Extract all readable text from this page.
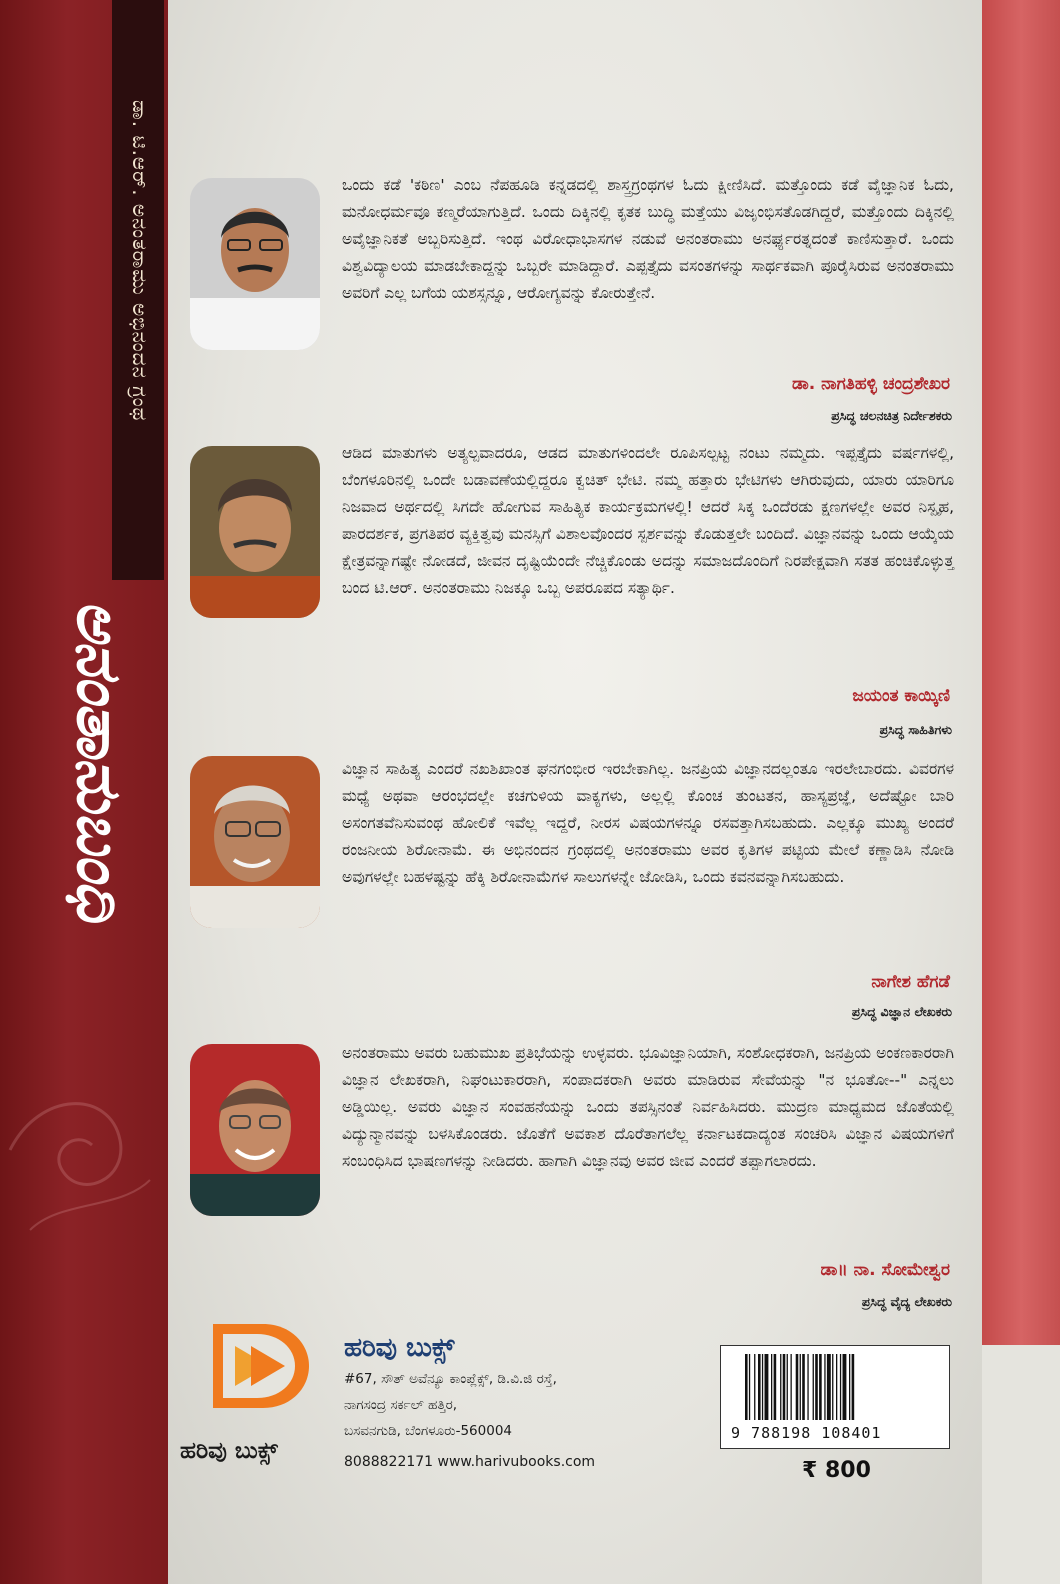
ಡಾ. ಟಿ.ಆರ್. ಅನಂತರಾಮು ಅಭಿನಂದನ ಗ್ರಂಥ
ಅನಂತಾನುಬಂಧಿ
ಒಂದು ಕಡೆ 'ಕಠಿಣ' ಎಂಬ ನೆಪಹೂಡಿ ಕನ್ನಡದಲ್ಲಿ ಶಾಸ್ತ್ರಗ್ರಂಥಗಳ ಓದು ಕ್ಷೀಣಿಸಿದೆ. ಮತ್ತೊಂದು ಕಡೆ ವೈಜ್ಞಾನಿಕ ಓದು, ಮನೋಧರ್ಮವೂ ಕಣ್ಮರೆಯಾಗುತ್ತಿದೆ. ಒಂದು ದಿಕ್ಕಿನಲ್ಲಿ ಕೃತಕ ಬುದ್ಧಿ ಮತ್ತೆಯು ವಿಜೃಂಭಿಸತೊಡಗಿದ್ದರೆ, ಮತ್ತೊಂದು ದಿಕ್ಕಿನಲ್ಲಿ ಅವೈಜ್ಞಾನಿಕತೆ ಅಬ್ಬರಿಸುತ್ತಿದೆ. ಇಂಥ ವಿರೋಧಾಭಾಸಗಳ ನಡುವೆ ಅನಂತರಾಮು ಅನರ್ಘ್ಯರತ್ನದಂತೆ ಕಾಣಿಸುತ್ತಾರೆ. ಒಂದು ವಿಶ್ವವಿದ್ಯಾಲಯ ಮಾಡಬೇಕಾದ್ದನ್ನು ಒಬ್ಬರೇ ಮಾಡಿದ್ದಾರೆ. ಎಪ್ಪತ್ತೈದು ವಸಂತಗಳನ್ನು ಸಾರ್ಥಕವಾಗಿ ಪೂರೈಸಿರುವ ಅನಂತರಾಮು ಅವರಿಗೆ ಎಲ್ಲ ಬಗೆಯ ಯಶಸ್ಸನ್ನೂ, ಆರೋಗ್ಯವನ್ನು ಕೋರುತ್ತೇನೆ.
ಡಾ. ನಾಗತಿಹಳ್ಳಿ ಚಂದ್ರಶೇಖರ
ಪ್ರಸಿದ್ಧ ಚಲನಚಿತ್ರ ನಿರ್ದೇಶಕರು
ಆಡಿದ ಮಾತುಗಳು ಅತ್ಯಲ್ಪವಾದರೂ, ಆಡದ ಮಾತುಗಳಿಂದಲೇ ರೂಪಿಸಲ್ಪಟ್ಟ ನಂಟು ನಮ್ಮದು. ಇಪ್ಪತ್ತೈದು ವರ್ಷಗಳಲ್ಲಿ, ಬೆಂಗಳೂರಿನಲ್ಲಿ ಒಂದೇ ಬಡಾವಣೆಯಲ್ಲಿದ್ದರೂ ಕ್ವಚಿತ್ ಭೇಟಿ. ನಮ್ಮ ಹತ್ತಾರು ಭೇಟಿಗಳು ಆಗಿರುವುದು, ಯಾರು ಯಾರಿಗೂ ನಿಜವಾದ ಅರ್ಥದಲ್ಲಿ ಸಿಗದೇ ಹೋಗುವ ಸಾಹಿತ್ಯಿಕ ಕಾರ್ಯಕ್ರಮಗಳಲ್ಲಿ! ಆದರೆ ಸಿಕ್ಕ ಒಂದೆರಡು ಕ್ಷಣಗಳಲ್ಲೇ ಅವರ ನಿಸ್ಪೃಹ, ಪಾರದರ್ಶಕ, ಪ್ರಗತಿಪರ ವ್ಯಕ್ತಿತ್ವವು ಮನಸ್ಸಿಗೆ ವಿಶಾಲವೊಂದರ ಸ್ಪರ್ಶವನ್ನು ಕೊಡುತ್ತಲೇ ಬಂದಿದೆ. ವಿಜ್ಞಾನವನ್ನು ಒಂದು ಆಯ್ಕೆಯ ಕ್ಷೇತ್ರವನ್ನಾಗಷ್ಟೇ ನೋಡದೆ, ಜೀವನ ದೃಷ್ಟಿಯೆಂದೇ ನೆಚ್ಚಿಕೊಂಡು ಅದನ್ನು ಸಮಾಜದೊಂದಿಗೆ ನಿರಪೇಕ್ಷವಾಗಿ ಸತತ ಹಂಚಿಕೊಳ್ಳುತ್ತ ಬಂದ ಟಿ.ಆರ್. ಅನಂತರಾಮು ನಿಜಕ್ಕೂ ಒಬ್ಬ ಅಪರೂಪದ ಸತ್ಯಾರ್ಥಿ.
ಜಯಂತ ಕಾಯ್ಕಿಣಿ
ಪ್ರಸಿದ್ಧ ಸಾಹಿತಿಗಳು
ವಿಜ್ಞಾನ ಸಾಹಿತ್ಯ ಎಂದರೆ ನಖಶಿಖಾಂತ ಘನಗಂಭೀರ ಇರಬೇಕಾಗಿಲ್ಲ. ಜನಪ್ರಿಯ ವಿಜ್ಞಾನದಲ್ಲಂತೂ ಇರಲೇಬಾರದು. ವಿವರಗಳ ಮಧ್ಯೆ ಅಥವಾ ಆರಂಭದಲ್ಲೇ ಕಚಗುಳಿಯ ವಾಕ್ಯಗಳು, ಅಲ್ಲಲ್ಲಿ ಕೊಂಚ ತುಂಟತನ, ಹಾಸ್ಯಪ್ರಜ್ಞೆ, ಅದೆಷ್ಟೋ ಬಾರಿ ಅಸಂಗತವೆನಿಸುವಂಥ ಹೋಲಿಕೆ ಇವೆಲ್ಲ ಇದ್ದರೆ, ನೀರಸ ವಿಷಯಗಳನ್ನೂ ರಸವತ್ತಾಗಿಸಬಹುದು. ಎಲ್ಲಕ್ಕೂ ಮುಖ್ಯ ಅಂದರೆ ರಂಜನೀಯ ಶಿರೋನಾಮೆ. ಈ ಅಭಿನಂದನ ಗ್ರಂಥದಲ್ಲಿ ಅನಂತರಾಮು ಅವರ ಕೃತಿಗಳ ಪಟ್ಟಿಯ ಮೇಲೆ ಕಣ್ಣಾಡಿಸಿ ನೋಡಿ ಅವುಗಳಲ್ಲೇ ಬಹಳಷ್ಟನ್ನು ಹೆಕ್ಕಿ ಶಿರೋನಾಮೆಗಳ ಸಾಲುಗಳನ್ನೇ ಜೋಡಿಸಿ, ಒಂದು ಕವನವನ್ನಾಗಿಸಬಹುದು.
ನಾಗೇಶ ಹೆಗಡೆ
ಪ್ರಸಿದ್ಧ ವಿಜ್ಞಾನ ಲೇಖಕರು
ಅನಂತರಾಮು ಅವರು ಬಹುಮುಖ ಪ್ರತಿಭೆಯನ್ನು ಉಳ್ಳವರು. ಭೂವಿಜ್ಞಾನಿಯಾಗಿ, ಸಂಶೋಧಕರಾಗಿ, ಜನಪ್ರಿಯ ಅಂಕಣಕಾರರಾಗಿ ವಿಜ್ಞಾನ ಲೇಖಕರಾಗಿ, ನಿಘಂಟುಕಾರರಾಗಿ, ಸಂಪಾದಕರಾಗಿ ಅವರು ಮಾಡಿರುವ ಸೇವೆಯನ್ನು "ನ ಭೂತೋ--" ಎನ್ನಲು ಅಡ್ಡಿಯಿಲ್ಲ. ಅವರು ವಿಜ್ಞಾನ ಸಂವಹನೆಯನ್ನು ಒಂದು ತಪಸ್ಸಿನಂತೆ ನಿರ್ವಹಿಸಿದರು. ಮುದ್ರಣ ಮಾಧ್ಯಮದ ಜೊತೆಯಲ್ಲಿ ವಿದ್ಯುನ್ಮಾನವನ್ನು ಬಳಸಿಕೊಂಡರು. ಜೊತೆಗೆ ಅವಕಾಶ ದೊರೆತಾಗಲೆಲ್ಲ ಕರ್ನಾಟಕದಾದ್ಯಂತ ಸಂಚರಿಸಿ ವಿಜ್ಞಾನ ವಿಷಯಗಳಿಗೆ ಸಂಬಂಧಿಸಿದ ಭಾಷಣಗಳನ್ನು ನೀಡಿದರು. ಹಾಗಾಗಿ ವಿಜ್ಞಾನವು ಅವರ ಜೀವ ಎಂದರೆ ತಪ್ಪಾಗಲಾರದು.
ಡಾ॥ ನಾ. ಸೋಮೇಶ್ವರ
ಪ್ರಸಿದ್ಧ ವೈದ್ಯ ಲೇಖಕರು
ಹರಿವು ಬುಕ್ಸ್
ಹರಿವು ಬುಕ್ಸ್
#67, ಸೌತ್ ಅವೆನ್ಯೂ ಕಾಂಪ್ಲೆಕ್ಸ್, ಡಿ.ವಿ.ಜಿ ರಸ್ತೆ,
ನಾಗಸಂದ್ರ ಸರ್ಕಲ್ ಹತ್ತಿರ,
ಬಸವನಗುಡಿ, ಬೆಂಗಳೂರು-560004
8088822171 www.harivubooks.com
9 788198 108401
₹ 800
